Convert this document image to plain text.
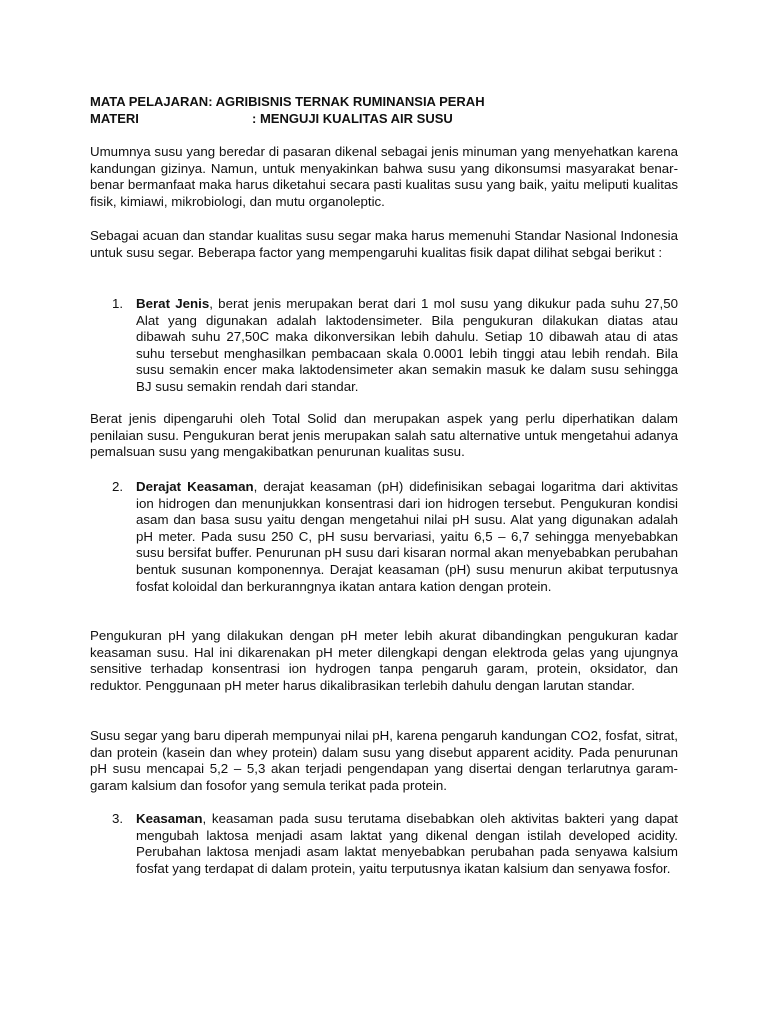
MATA PELAJARAN: AGRIBISNIS TERNAK RUMINANSIA PERAH
MATERI	: MENGUJI KUALITAS AIR SUSU

Umumnya susu yang beredar di pasaran dikenal sebagai jenis minuman yang menyehatkan karena kandungan gizinya. Namun, untuk menyakinkan bahwa susu yang dikonsumsi masyarakat benar-benar bermanfaat maka harus diketahui secara pasti kualitas susu yang baik, yaitu meliputi kualitas fisik, kimiawi, mikrobiologi, dan mutu organoleptic.

Sebagai acuan dan standar kualitas susu segar maka harus memenuhi Standar Nasional Indonesia untuk susu segar. Beberapa factor yang mempengaruhi kualitas fisik dapat dilihat sebgai berikut :

1. Berat Jenis, berat jenis merupakan berat dari 1 mol susu yang dikukur pada suhu 27,50 Alat yang digunakan adalah laktodensimeter. Bila pengukuran dilakukan diatas atau dibawah suhu 27,50C maka dikonversikan lebih dahulu. Setiap 10 dibawah atau di atas suhu tersebut menghasilkan pembacaan skala 0.0001 lebih tinggi atau lebih rendah. Bila susu semakin encer maka laktodensimeter akan semakin masuk ke dalam susu sehingga BJ susu semakin rendah dari standar.

Berat jenis dipengaruhi oleh Total Solid dan merupakan aspek yang perlu diperhatikan dalam penilaian susu. Pengukuran berat jenis merupakan salah satu alternative untuk mengetahui adanya pemalsuan susu yang mengakibatkan penurunan kualitas susu.

2. Derajat Keasaman, derajat keasaman (pH) didefinisikan sebagai logaritma dari aktivitas ion hidrogen dan menunjukkan konsentrasi dari ion hidrogen tersebut. Pengukuran kondisi asam dan basa susu yaitu dengan mengetahui nilai pH susu. Alat yang digunakan adalah pH meter. Pada susu 250 C, pH susu bervariasi, yaitu 6,5 – 6,7 sehingga menyebabkan susu bersifat buffer. Penurunan pH susu dari kisaran normal akan menyebabkan perubahan bentuk susunan komponennya. Derajat keasaman (pH) susu menurun akibat terputusnya fosfat koloidal dan berkuranngnya ikatan antara kation dengan protein.

Pengukuran pH yang dilakukan dengan pH meter lebih akurat dibandingkan pengukuran kadar keasaman susu. Hal ini dikarenakan pH meter dilengkapi dengan elektroda gelas yang ujungnya sensitive terhadap konsentrasi ion hydrogen tanpa pengaruh garam, protein, oksidator, dan reduktor. Penggunaan pH meter harus dikalibrasikan terlebih dahulu dengan larutan standar.

Susu segar yang baru diperah mempunyai nilai pH, karena pengaruh kandungan CO2, fosfat, sitrat, dan protein (kasein dan whey protein) dalam susu yang disebut apparent acidity. Pada penurunan pH susu mencapai 5,2 – 5,3 akan terjadi pengendapan yang disertai dengan terlarutnya garam-garam kalsium dan fosofor yang semula terikat pada protein.

3. Keasaman, keasaman pada susu terutama disebabkan oleh aktivitas bakteri yang dapat mengubah laktosa menjadi asam laktat yang dikenal dengan istilah developed acidity. Perubahan laktosa menjadi asam laktat menyebabkan perubahan pada senyawa kalsium fosfat yang terdapat di dalam protein, yaitu terputusnya ikatan kalsium dan senyawa fosfor.
